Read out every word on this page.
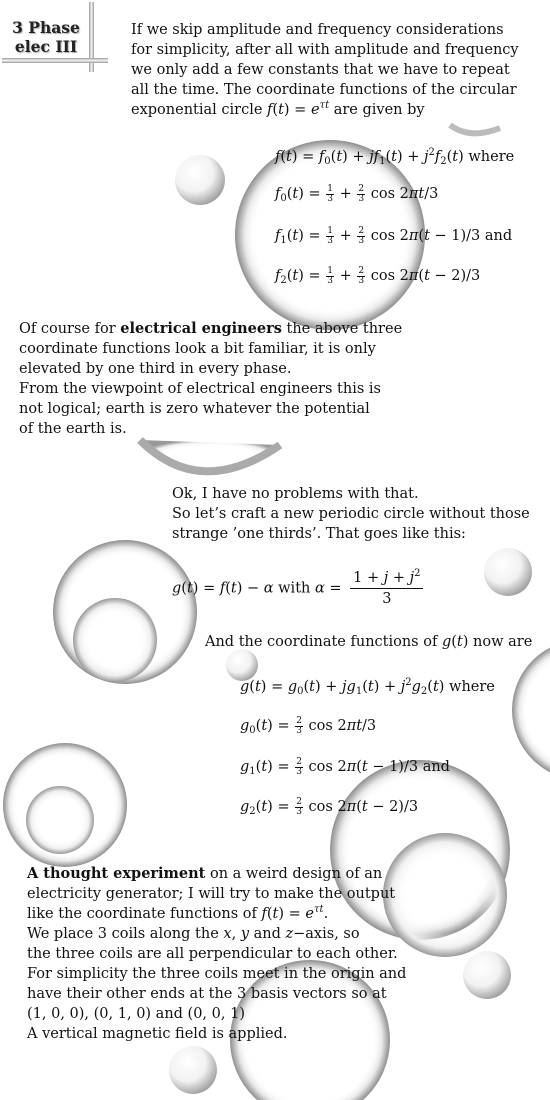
3 Phase
elec III
If we skip amplitude and frequency considerations
for simplicity, after all with amplitude and frequency
we only add a few constants that we have to repeat
all the time. The coordinate functions of the circular
exponential circle $f(t) = e^{\tau t}$ are given by
$f(t) = f_0(t) + jf_1(t) + j^2f_2(t)$ where
$f_0(t) = \frac{1}{3} + \frac{2}{3}$ cos 2πt/3
$f_1(t) = \frac{1}{3} + \frac{2}{3}$ cos 2π(t − 1)/3 and
$f_2(t) = \frac{1}{3} + \frac{2}{3}$ cos 2π(t − 2)/3
Of course for electrical engineers the above three
coordinate functions look a bit familiar, it is only
elevated by one third in every phase.
From the viewpoint of electrical engineers this is
not logical; earth is zero whatever the potential
of the earth is.
Ok, I have no problems with that.
So let’s craft a new periodic circle without those
strange ’one thirds’. That goes like this:
g(t) = f(t) − α with $\alpha = \frac{1 + j + j^2}{3}$
And the coordinate functions of g(t) now are
$g(t) = g_0(t) + jg_1(t) + j^2g_2(t)$ where
$g_0(t) = \frac{2}{3}$ cos 2πt/3
$g_1(t) = \frac{2}{3}$ cos 2π(t − 1)/3 and
$g_2(t) = \frac{2}{3}$ cos 2π(t − 2)/3
A thought experiment on a weird design of an
electricity generator; I will try to make the output
like the coordinate functions of $f(t) = e^{\tau t}$.
We place 3 coils along the x, y and z−axis, so
the three coils are all perpendicular to each other.
For simplicity the three coils meet in the origin and
have their other ends at the 3 basis vectors so at
(1, 0, 0), (0, 1, 0) and (0, 0, 1)
A vertical magnetic field is applied.
